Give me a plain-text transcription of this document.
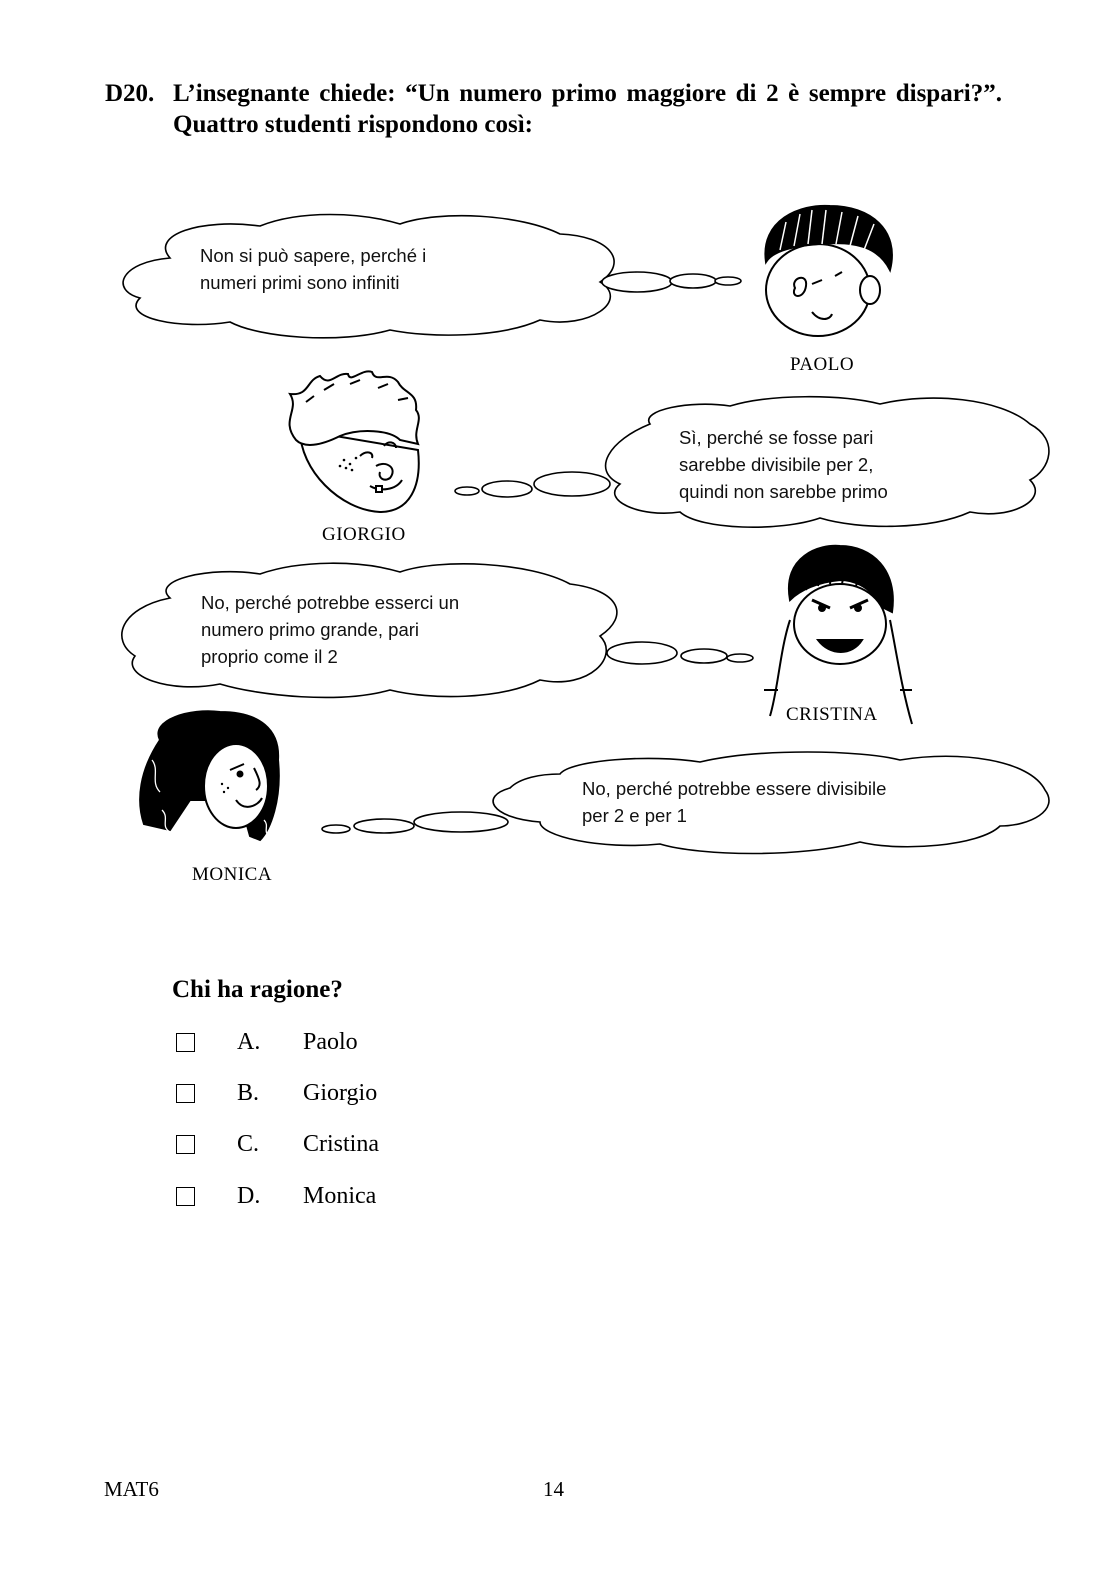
D20. L’insegnante chiede: “Un numero primo maggiore di 2 è sempre dispari?”. Quattro studenti rispondono così:
Non si può sapere, perché i
numeri primi sono infiniti
PAOLO
Sì, perché se fosse pari
sarebbe divisibile per 2,
quindi non sarebbe primo
GIORGIO
No, perché potrebbe esserci un
numero primo grande, pari
proprio come il 2
CRISTINA
No, perché potrebbe essere divisibile
per 2 e per 1
MONICA
Chi ha ragione?
A. Paolo
B. Giorgio
C. Cristina
D. Monica
MAT6	14
